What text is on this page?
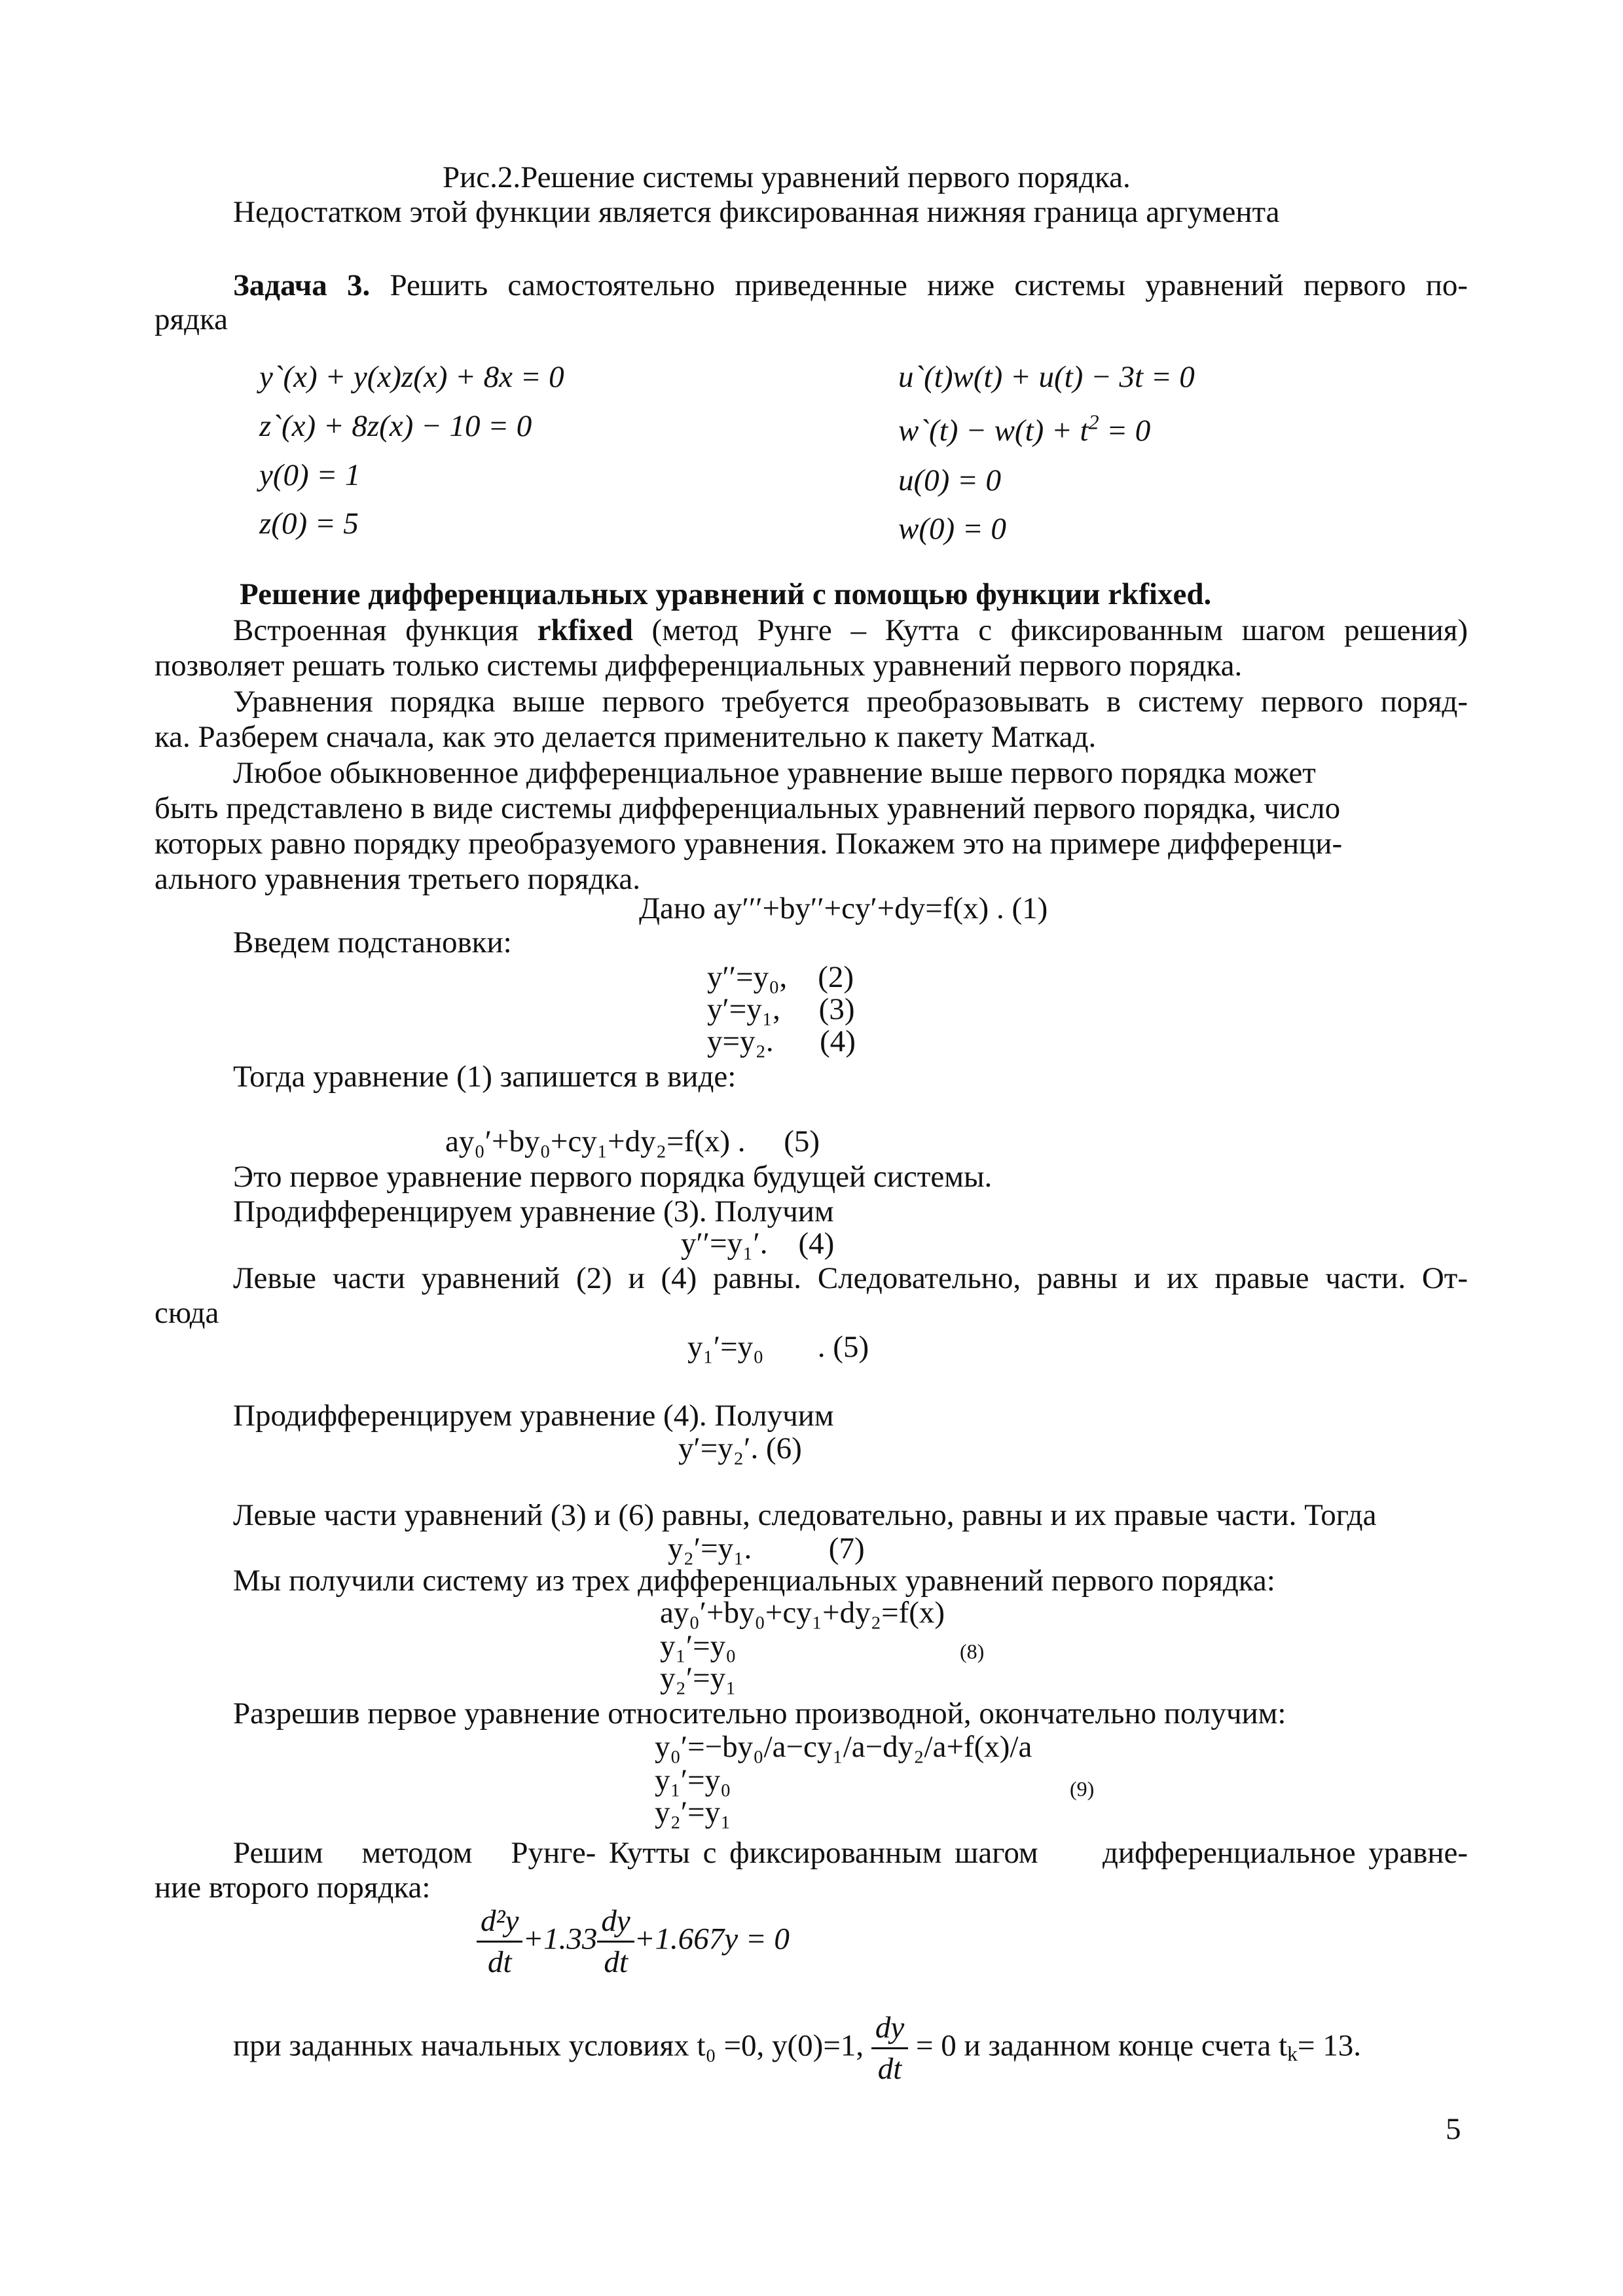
Рис.2.Решение системы уравнений первого порядка.
Недостатком этой функции является фиксированная нижняя граница аргумента
Задача 3. Решить самостоятельно приведенные ниже системы уравнений первого по-
рядка
y`(x) + y(x)z(x) + 8x = 0
z`(x) + 8z(x) − 10 = 0
y(0) = 1
z(0) = 5
u`(t)w(t) + u(t) − 3t = 0
w`(t) − $w(t) + t^2 = 0$
u(0) = 0
w(0) = 0
Решение дифференциальных уравнений с помощью функции rkfixed.
Встроенная функция rkfixed (метод Рунге – Кутта с фиксированным шагом решения)
позволяет решать только системы дифференциальных уравнений первого порядка.
Уравнения порядка выше первого требуется преобразовывать в систему первого поряд-
ка. Разберем сначала, как это делается применительно к пакету Маткад.
Любое обыкновенное дифференциальное уравнение выше первого порядка может
быть представлено в виде системы дифференциальных уравнений первого порядка, число
которых равно порядку преобразуемого уравнения. Покажем это на примере дифференци-
ального уравнения третьего порядка.
Дано ay′′′+by′′+cy′+dy=f(x) . (1)
Введем подстановки:
y′′=y₀,    (2)
y′=y₁,     (3)
y=y₂.      (4)
Тогда уравнение (1) запишется в виде:
ay₀′+by₀+cy₁+dy₂=f(x) .     (5)
Это первое уравнение первого порядка будущей системы.
Продифференцируем уравнение (3). Получим
y′′=y₁′.    (4)
Левые части уравнений (2) и (4) равны. Следовательно, равны и их правые части. От-
сюда
y₁′=y₀       . (5)
Продифференцируем уравнение (4). Получим
y′=y₂′. (6)
Левые части уравнений (3) и (6) равны, следовательно, равны и их правые части. Тогда
y₂′=y₁.          (7)
Мы получили систему из трех дифференциальных уравнений первого порядка:
ay₀′+by₀+cy₁+dy₂=f(x)
y₁′=y₀
y₂′=y₁
(8)
Разрешив первое уравнение относительно производной, окончательно получим:
y₀′=−by₀/a−cy₁/a−dy₂/a+f(x)/a
y₁′=y₀
y₂′=y₁
(9)
Решим   методом   Рунге- Кутты с фиксированным шагом     дифференциальное уравне-
ние второго порядка:
$\frac{\text{d²y}}{dt} +1.33 \frac{dy}{dt} +1.667y = 0$
при заданных начальных условиях t₀ =0, y(0)=1, $\frac{dy}{dt} = 0$ и заданном конце счета $t_k= 13$.
5
